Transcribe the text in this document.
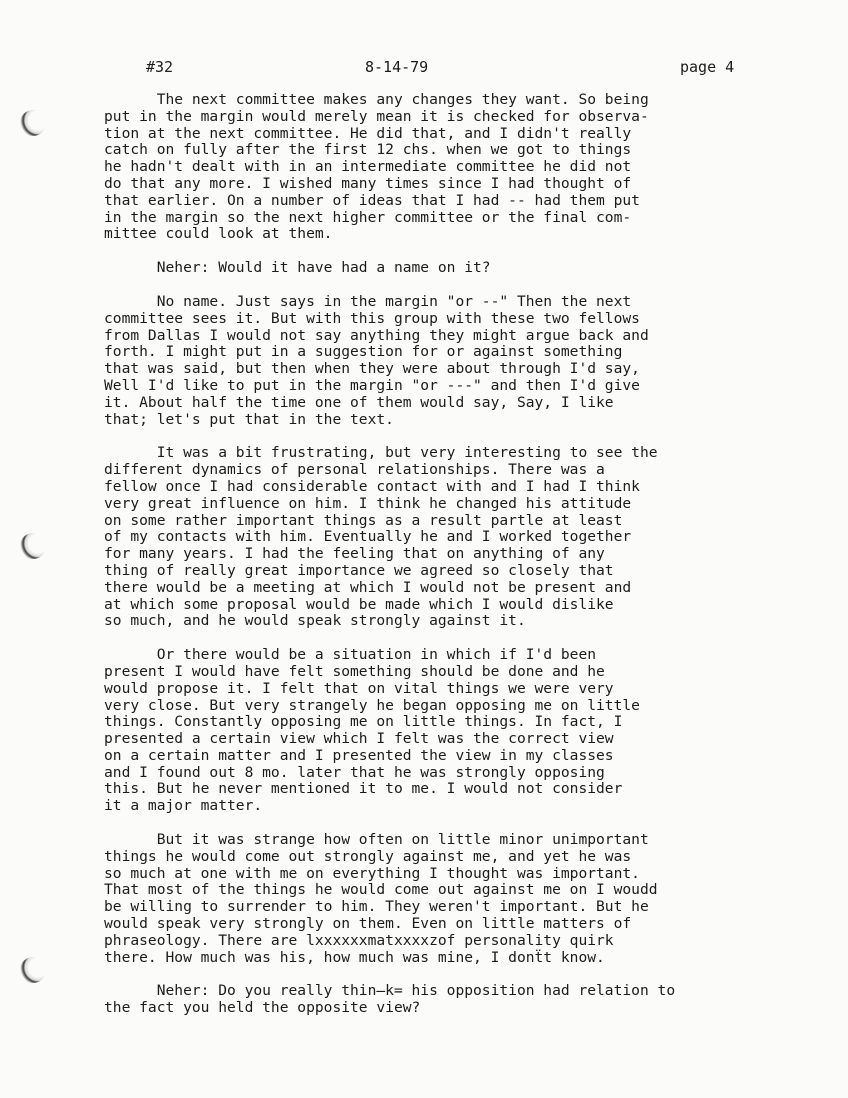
#32	8-14-79	page 4

The next committee makes any changes they want. So being
put in the margin would merely mean it is checked for observa-
tion at the next committee. He did that, and I didn't really
catch on fully after the first 12 chs. when we got to things
he hadn't dealt with in an intermediate committee he did not
do that any more. I wished many times since I had thought of
that earlier. On a number of ideas that I had -- had them put
in the margin so the next higher committee or the final com-
mittee could look at them.

Neher: Would it have had a name on it?

No name. Just says in the margin "or --" Then the next
committee sees it. But with this group with these two fellows
from Dallas I would not say anything they might argue back and
forth. I might put in a suggestion for or against something
that was said, but then when they were about through I'd say,
Well I'd like to put in the margin "or ---" and then I'd give
it. About half the time one of them would say, Say, I like
that; let's put that in the text.

It was a bit frustrating, but very interesting to see the
different dynamics of personal relationships. There was a
fellow once I had considerable contact with and I had I think
very great influence on him. I think he changed his attitude
on some rather important things as a result partle at least
of my contacts with him. Eventually he and I worked together
for many years. I had the feeling that on anything of any
thing of really great importance we agreed so closely that
there would be a meeting at which I would not be present and
at which some proposal would be made which I would dislike
so much, and he would speak strongly against it.

Or there would be a situation in which if I'd been
present I would have felt something should be done and he
would propose it. I felt that on vital things we were very
very close. But very strangely he began opposing me on little
things. Constantly opposing me on little things. In fact, I
presented a certain view which I felt was the correct view
on a certain matter and I presented the view in my classes
and I found out 8 mo. later that he was strongly opposing
this. But he never mentioned it to me. I would not consider
it a major matter.

But it was strange how often on little minor unimportant
things he would come out strongly against me, and yet he was
so much at one with me on everything I thought was important.
That most of the things he would come out against me on I woudd
be willing to surrender to him. They weren't important. But he
would speak very strongly on them. Even on little matters of
phraseology. There are lxxxxxxmatxxxxzof personality quirk
there. How much was his, how much was mine, I donẗt know.

Neher: Do you really thin̶k= his opposition had relation to
the fact you held the opposite view?
